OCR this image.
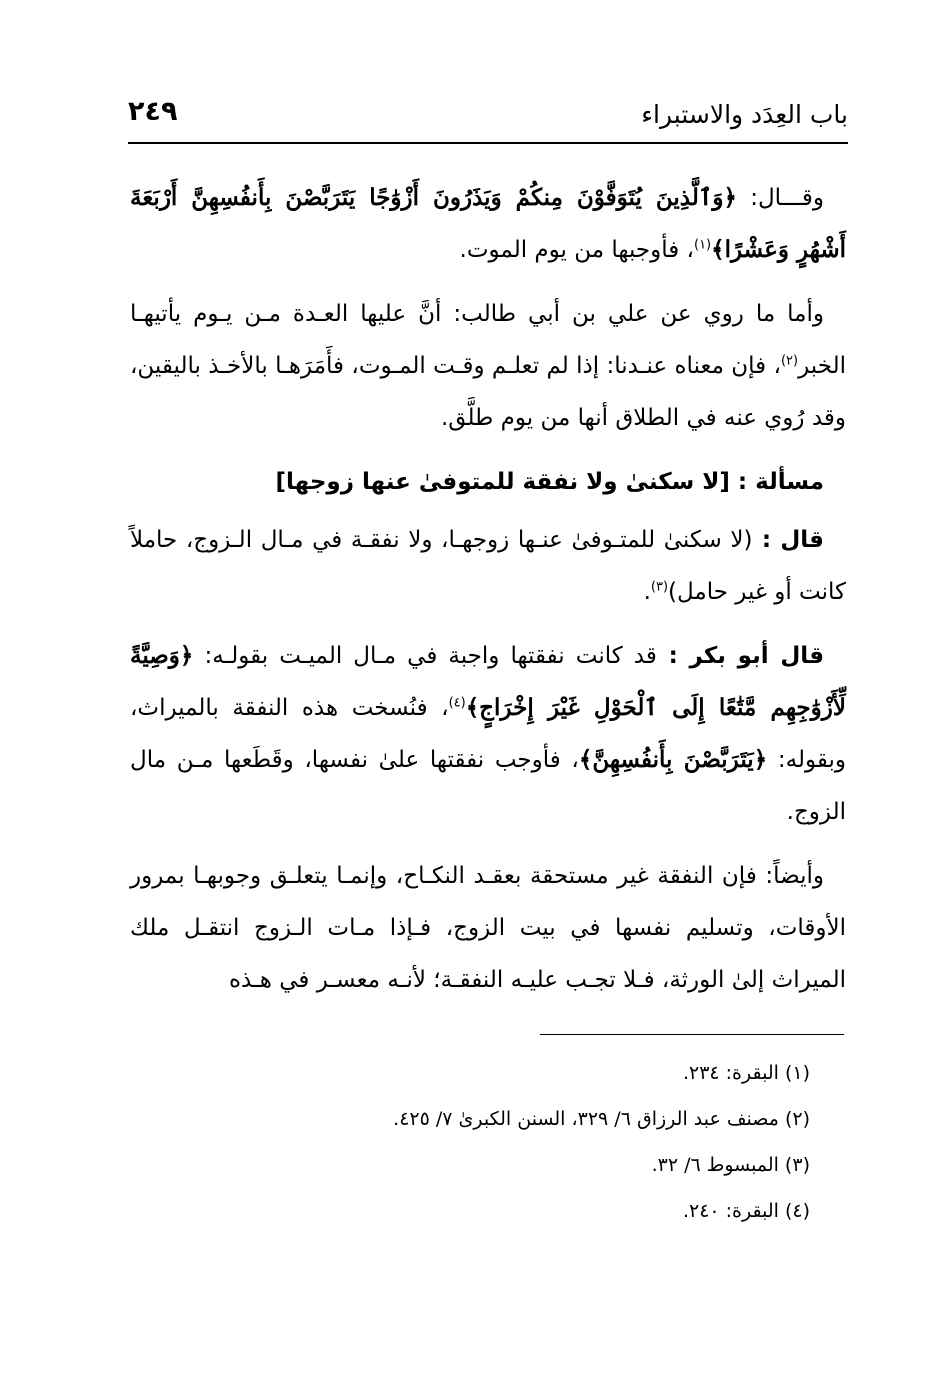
باب العِدَد والاستبراء
٢٤٩

وقـــال: ﴿وَٱلَّذِينَ يُتَوَفَّوْنَ مِنكُمْ وَيَذَرُونَ أَزْوَٰجًا يَتَرَبَّصْنَ بِأَنفُسِهِنَّ أَرْبَعَةَ أَشْهُرٍ وَعَشْرًا﴾$^{(١)}$، فأوجبها من يوم الموت.

وأما ما روي عن علي بن أبي طالب: أنَّ عليها العـدة مـن يـوم يأتيهـا الخبر$^{(٢)}$، فإن معناه عنـدنا: إذا لم تعلـم وقـت المـوت، فأَمَرَهـا بالأخـذ باليقين، وقد رُوي عنه في الطلاق أنها من يوم طلَّق.

مسألة : [لا سكنىٰ ولا نفقة للمتوفىٰ عنها زوجها]

قال : (لا سكنىٰ للمتـوفىٰ عنـها زوجهـا، ولا نفقـة في مـال الـزوج، حاملاً كانت أو غير حامل)$^{(٣)}$.

قال أبو بكر : قد كانت نفقتها واجبة في مـال الميـت بقولـه: ﴿وَصِيَّةً لِّأَزْوَٰجِهِم مَّتَٰعًا إِلَى ٱلْحَوْلِ غَيْرَ إِخْرَاجٍ﴾$^{(٤)}$، فنُسخت هذه النفقة بالميراث، وبقوله: ﴿يَتَرَبَّصْنَ بِأَنفُسِهِنَّ﴾، فأوجب نفقتها علىٰ نفسها، وقَطَعها مـن مال الزوج.

وأيضاً: فإن النفقة غير مستحقة بعقـد النكـاح، وإنمـا يتعلـق وجوبهـا بمرور الأوقات، وتسليم نفسها في بيت الزوج، فـإذا مـات الـزوج انتقـل ملك الميراث إلىٰ الورثة، فـلا تجـب عليـه النفقـة؛ لأنـه معسـر في هـذه

(١) البقرة: ٢٣٤.
(٢) مصنف عبد الرزاق ٦/ ٣٢٩، السنن الكبرىٰ ٧/ ٤٢٥.
(٣) المبسوط ٦/ ٣٢.
(٤) البقرة: ٢٤٠.
